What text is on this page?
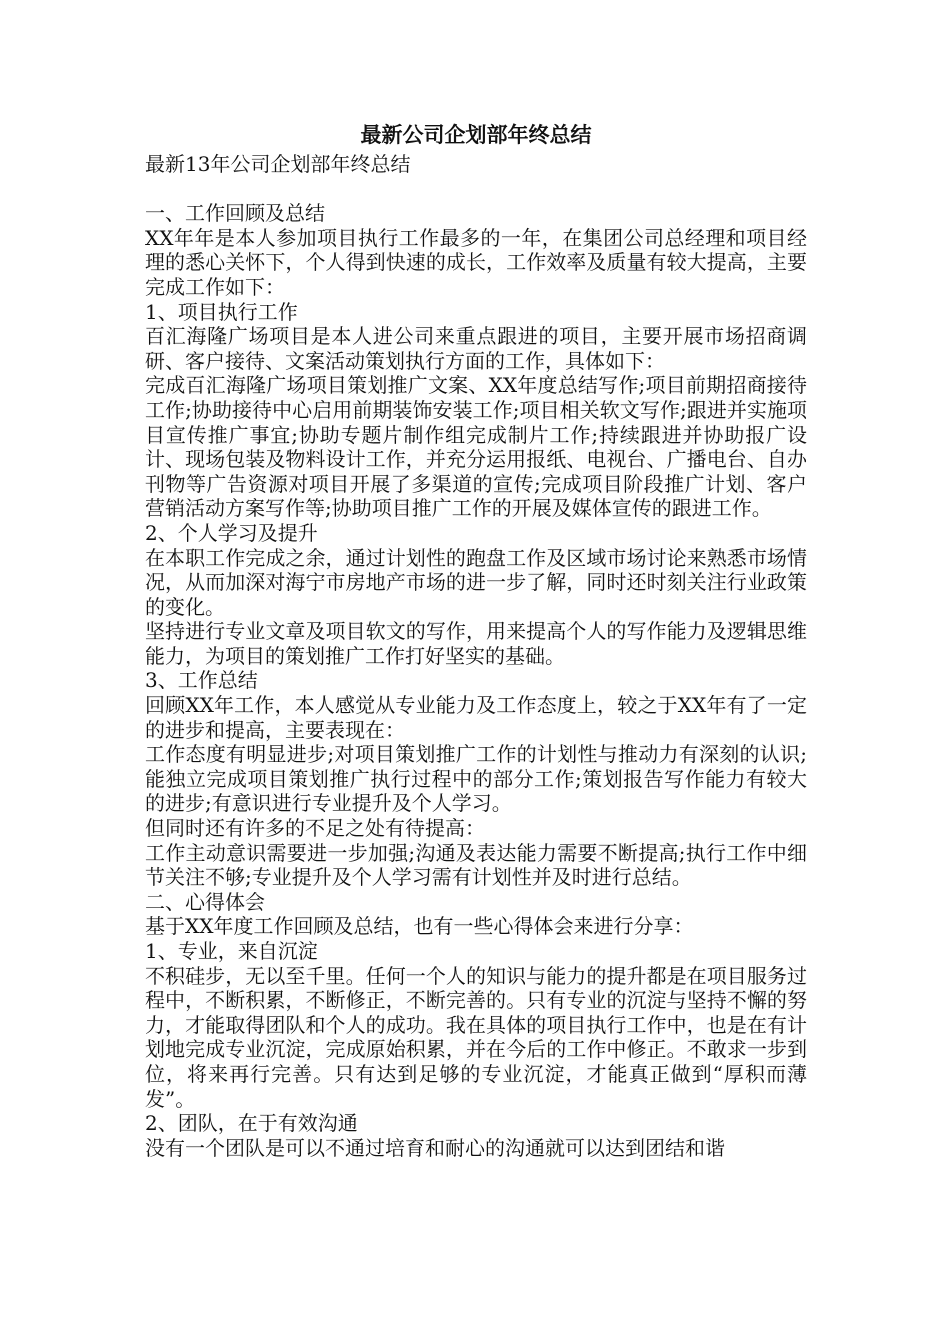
最新公司企划部年终总结

最新13年公司企划部年终总结

一、工作回顾及总结

XX年年是本人参加项目执行工作最多的一年，在集团公司总经理和项目经理的悉心关怀下，个人得到快速的成长，工作效率及质量有较大提高，主要完成工作如下：

1、项目执行工作

百汇海隆广场项目是本人进公司来重点跟进的项目，主要开展市场招商调研、客户接待、文案活动策划执行方面的工作，具体如下：

完成百汇海隆广场项目策划推广文案、XX年度总结写作;项目前期招商接待工作;协助接待中心启用前期装饰安装工作;项目相关软文写作;跟进并实施项目宣传推广事宜;协助专题片制作组完成制片工作;持续跟进并协助报广设计、现场包装及物料设计工作，并充分运用报纸、电视台、广播电台、自办刊物等广告资源对项目开展了多渠道的宣传;完成项目阶段推广计划、客户营销活动方案写作等;协助项目推广工作的开展及媒体宣传的跟进工作。

2、个人学习及提升

在本职工作完成之余，通过计划性的跑盘工作及区域市场讨论来熟悉市场情况，从而加深对海宁市房地产市场的进一步了解，同时还时刻关注行业政策的变化。

坚持进行专业文章及项目软文的写作，用来提高个人的写作能力及逻辑思维能力，为项目的策划推广工作打好坚实的基础。

3、工作总结

回顾XX年工作，本人感觉从专业能力及工作态度上，较之于XX年有了一定的进步和提高，主要表现在：

工作态度有明显进步;对项目策划推广工作的计划性与推动力有深刻的认识;能独立完成项目策划推广执行过程中的部分工作;策划报告写作能力有较大的进步;有意识进行专业提升及个人学习。

但同时还有许多的不足之处有待提高：

工作主动意识需要进一步加强;沟通及表达能力需要不断提高;执行工作中细节关注不够;专业提升及个人学习需有计划性并及时进行总结。

二、心得体会

基于XX年度工作回顾及总结，也有一些心得体会来进行分享：

1、专业，来自沉淀

不积硅步，无以至千里。任何一个人的知识与能力的提升都是在项目服务过程中，不断积累，不断修正，不断完善的。只有专业的沉淀与坚持不懈的努力，才能取得团队和个人的成功。我在具体的项目执行工作中，也是在有计划地完成专业沉淀，完成原始积累，并在今后的工作中修正。不敢求一步到位，将来再行完善。只有达到足够的专业沉淀，才能真正做到“厚积而薄发”。

2、团队，在于有效沟通

没有一个团队是可以不通过培育和耐心的沟通就可以达到团结和谐
